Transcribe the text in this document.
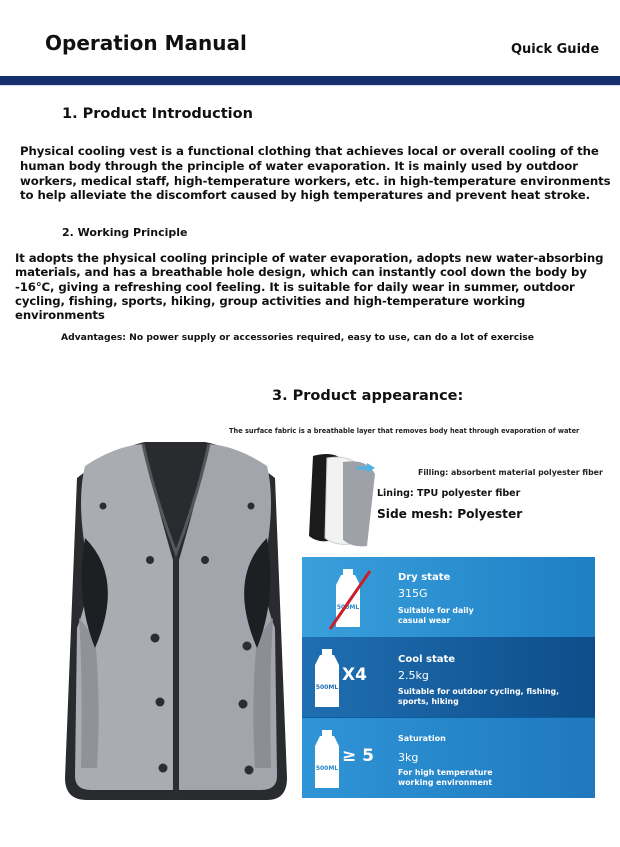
Operation Manual	Quick Guide
1. Product Introduction
Physical cooling vest is a functional clothing that achieves local or overall cooling of the human body through the principle of water evaporation. It is mainly used by outdoor workers, medical staff, high-temperature workers, etc. in high-temperature environments to help alleviate the discomfort caused by high temperatures and prevent heat stroke.
2. Working Principle
It adopts the physical cooling principle of water evaporation, adopts new water-absorbing materials, and has a breathable hole design, which can instantly cool down the body by -16°C, giving a refreshing cool feeling. It is suitable for daily wear in summer, outdoor cycling, fishing, sports, hiking, group activities and high-temperature working environments
Advantages: No power supply or accessories required, easy to use, can do a lot of exercise
3. Product appearance:
The surface fabric is a breathable layer that removes body heat through evaporation of water
Filling: absorbent material polyester fiber
Lining: TPU polyester fiber
Side mesh: Polyester
500ML
Dry state
315G
Suitable for daily casual wear
500ML
X4
Cool state
2.5kg
Suitable for outdoor cycling, fishing, sports, hiking
500ML
≥ 5
Saturation
3kg
For high temperature working environment
